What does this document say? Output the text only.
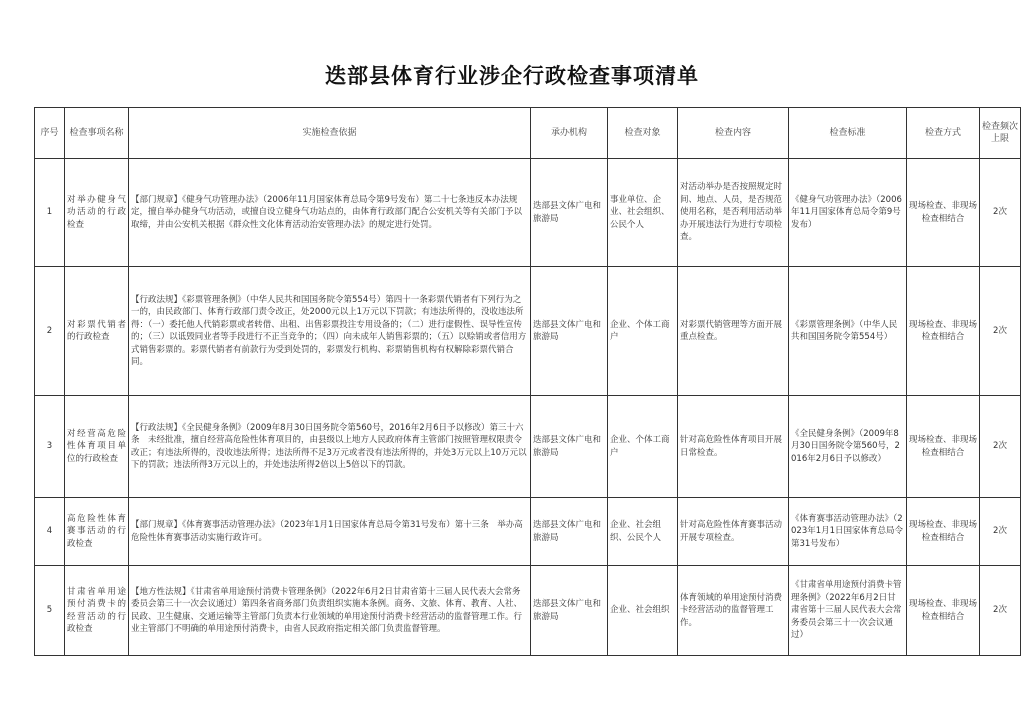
迭部县体育行业涉企行政检查事项清单
序号	检查事项名称	实施检查依据	承办机构	检查对象	检查内容	检查标准	检查方式	检查频次上限
1	对举办健身气功活动的行政检查	【部门规章】《健身气功管理办法》（2006年11月国家体育总局令第9号发布）第二十七条违反本办法规定，擅自举办健身气功活动，或擅自设立健身气功站点的，由体育行政部门配合公安机关等有关部门予以取缔，并由公安机关根据《群众性文化体育活动治安管理办法》的规定进行处罚。	迭部县文体广电和旅游局	事业单位、企业、社会组织、公民个人	对活动举办是否按照规定时间、地点、人员，是否规范使用名称，是否利用活动举办开展违法行为进行专项检查。	《健身气功管理办法》（2006年11月国家体育总局令第9号发布）	现场检查、非现场检查相结合	2次
2	对彩票代销者的行政检查	【行政法规】《彩票管理条例》（中华人民共和国国务院令第554号）第四十一条彩票代销者有下列行为之一的，由民政部门、体育行政部门责令改正，处2000元以上1万元以下罚款；有违法所得的，没收违法所得：（一）委托他人代销彩票或者转借、出租、出售彩票投注专用设备的；（二）进行虚假性、误导性宣传的；（三）以诋毁同业者等手段进行不正当竞争的；（四）向未成年人销售彩票的；（五）以赊销或者信用方式销售彩票的。彩票代销者有前款行为受到处罚的，彩票发行机构、彩票销售机构有权解除彩票代销合同。	迭部县文体广电和旅游局	企业、个体工商户	对彩票代销管理等方面开展重点检查。	《彩票管理条例》（中华人民共和国国务院令第554号）	现场检查、非现场检查相结合	2次
3	对经营高危险性体育项目单位的行政检查	【行政法规】《全民健身条例》（2009年8月30日国务院令第560号，2016年2月6日予以修改）第三十六条　未经批准，擅自经营高危险性体育项目的，由县级以上地方人民政府体育主管部门按照管理权限责令改正；有违法所得的，没收违法所得；违法所得不足3万元或者没有违法所得的，并处3万元以上10万元以下的罚款；违法所得3万元以上的，并处违法所得2倍以上5倍以下的罚款。	迭部县文体广电和旅游局	企业、个体工商户	针对高危险性体育项目开展日常检查。	《全民健身条例》（2009年8月30日国务院令第560号，2016年2月6日予以修改）	现场检查、非现场检查相结合	2次
4	高危险性体育赛事活动的行政检查	【部门规章】《体育赛事活动管理办法》（2023年1月1日国家体育总局令第31号发布）第十三条　举办高危险性体育赛事活动实施行政许可。	迭部县文体广电和旅游局	企业、社会组织、公民个人	针对高危险性体育赛事活动开展专项检查。	《体育赛事活动管理办法》（2023年1月1日国家体育总局令第31号发布）	现场检查、非现场检查相结合	2次
5	甘肃省单用途预付消费卡的经营活动的行政检查	【地方性法规】《甘肃省单用途预付消费卡管理条例》（2022年6月2日甘肃省第十三届人民代表大会常务委员会第三十一次会议通过）第四条省商务部门负责组织实施本条例。商务、文旅、体育、教育、人社、民政、卫生健康、交通运输等主管部门负责本行业领域的单用途预付消费卡经营活动的监督管理工作。行业主管部门不明确的单用途预付消费卡，由省人民政府指定相关部门负责监督管理。	迭部县文体广电和旅游局	企业、社会组织	体育领域的单用途预付消费卡经营活动的监督管理工作。	《甘肃省单用途预付消费卡管理条例》（2022年6月2日甘肃省第十三届人民代表大会常务委员会第三十一次会议通过）	现场检查、非现场检查相结合	2次
